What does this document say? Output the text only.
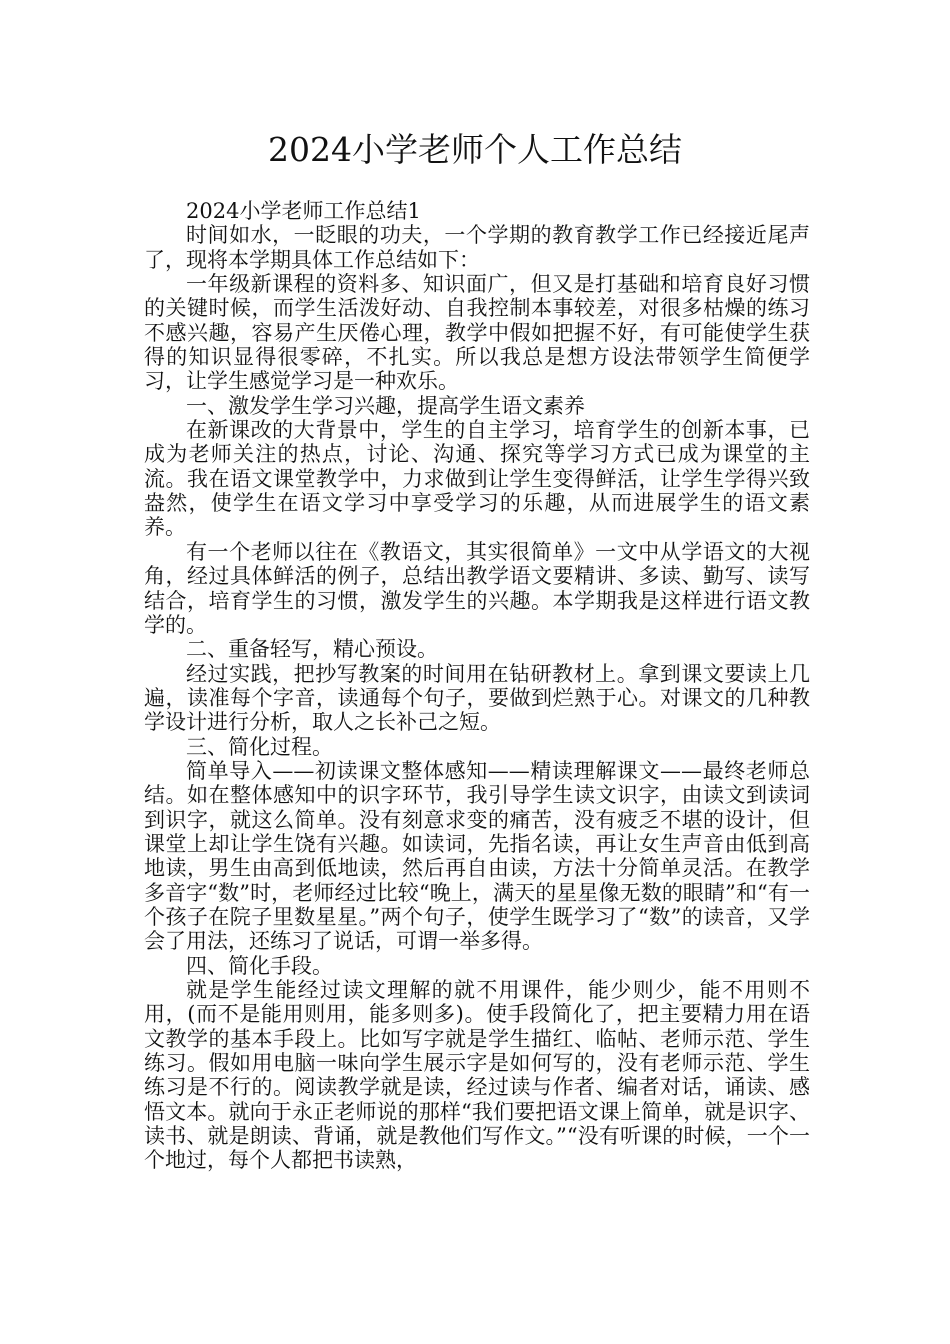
2024小学老师个人工作总结

2024小学老师工作总结1

时间如水，一眨眼的功夫，一个学期的教育教学工作已经接近尾声了，现将本学期具体工作总结如下：

一年级新课程的资料多、知识面广，但又是打基础和培育良好习惯的关键时候，而学生活泼好动、自我控制本事较差，对很多枯燥的练习不感兴趣，容易产生厌倦心理，教学中假如把握不好，有可能使学生获得的知识显得很零碎，不扎实。所以我总是想方设法带领学生简便学习，让学生感觉学习是一种欢乐。

一、激发学生学习兴趣，提高学生语文素养

在新课改的大背景中，学生的自主学习，培育学生的创新本事，已成为老师关注的热点，讨论、沟通、探究等学习方式已成为课堂的主流。我在语文课堂教学中，力求做到让学生变得鲜活，让学生学得兴致盎然，使学生在语文学习中享受学习的乐趣，从而进展学生的语文素养。

有一个老师以往在《教语文，其实很简单》一文中从学语文的大视角，经过具体鲜活的例子，总结出教学语文要精讲、多读、勤写、读写结合，培育学生的习惯，激发学生的兴趣。本学期我是这样进行语文教学的。

二、重备轻写，精心预设。

经过实践，把抄写教案的时间用在钻研教材上。拿到课文要读上几遍，读准每个字音，读通每个句子，要做到烂熟于心。对课文的几种教学设计进行分析，取人之长补己之短。

三、简化过程。

简单导入——初读课文整体感知——精读理解课文——最终老师总结。如在整体感知中的识字环节，我引导学生读文识字，由读文到读词到识字，就这么简单。没有刻意求变的痛苦，没有疲乏不堪的设计，但课堂上却让学生饶有兴趣。如读词，先指名读，再让女生声音由低到高地读，男生由高到低地读，然后再自由读，方法十分简单灵活。在教学多音字“数”时，老师经过比较“晚上，满天的星星像无数的眼睛”和“有一个孩子在院子里数星星。”两个句子，使学生既学习了“数”的读音，又学会了用法，还练习了说话，可谓一举多得。

四、简化手段。

就是学生能经过读文理解的就不用课件，能少则少，能不用则不用，(而不是能用则用，能多则多)。使手段简化了，把主要精力用在语文教学的基本手段上。比如写字就是学生描红、临帖、老师示范、学生练习。假如用电脑一味向学生展示字是如何写的，没有老师示范、学生练习是不行的。阅读教学就是读，经过读与作者、编者对话，诵读、感悟文本。就向于永正老师说的那样“我们要把语文课上简单，就是识字、读书、就是朗读、背诵，就是教他们写作文。”“没有听课的时候，一个一个地过，每个人都把书读熟，
